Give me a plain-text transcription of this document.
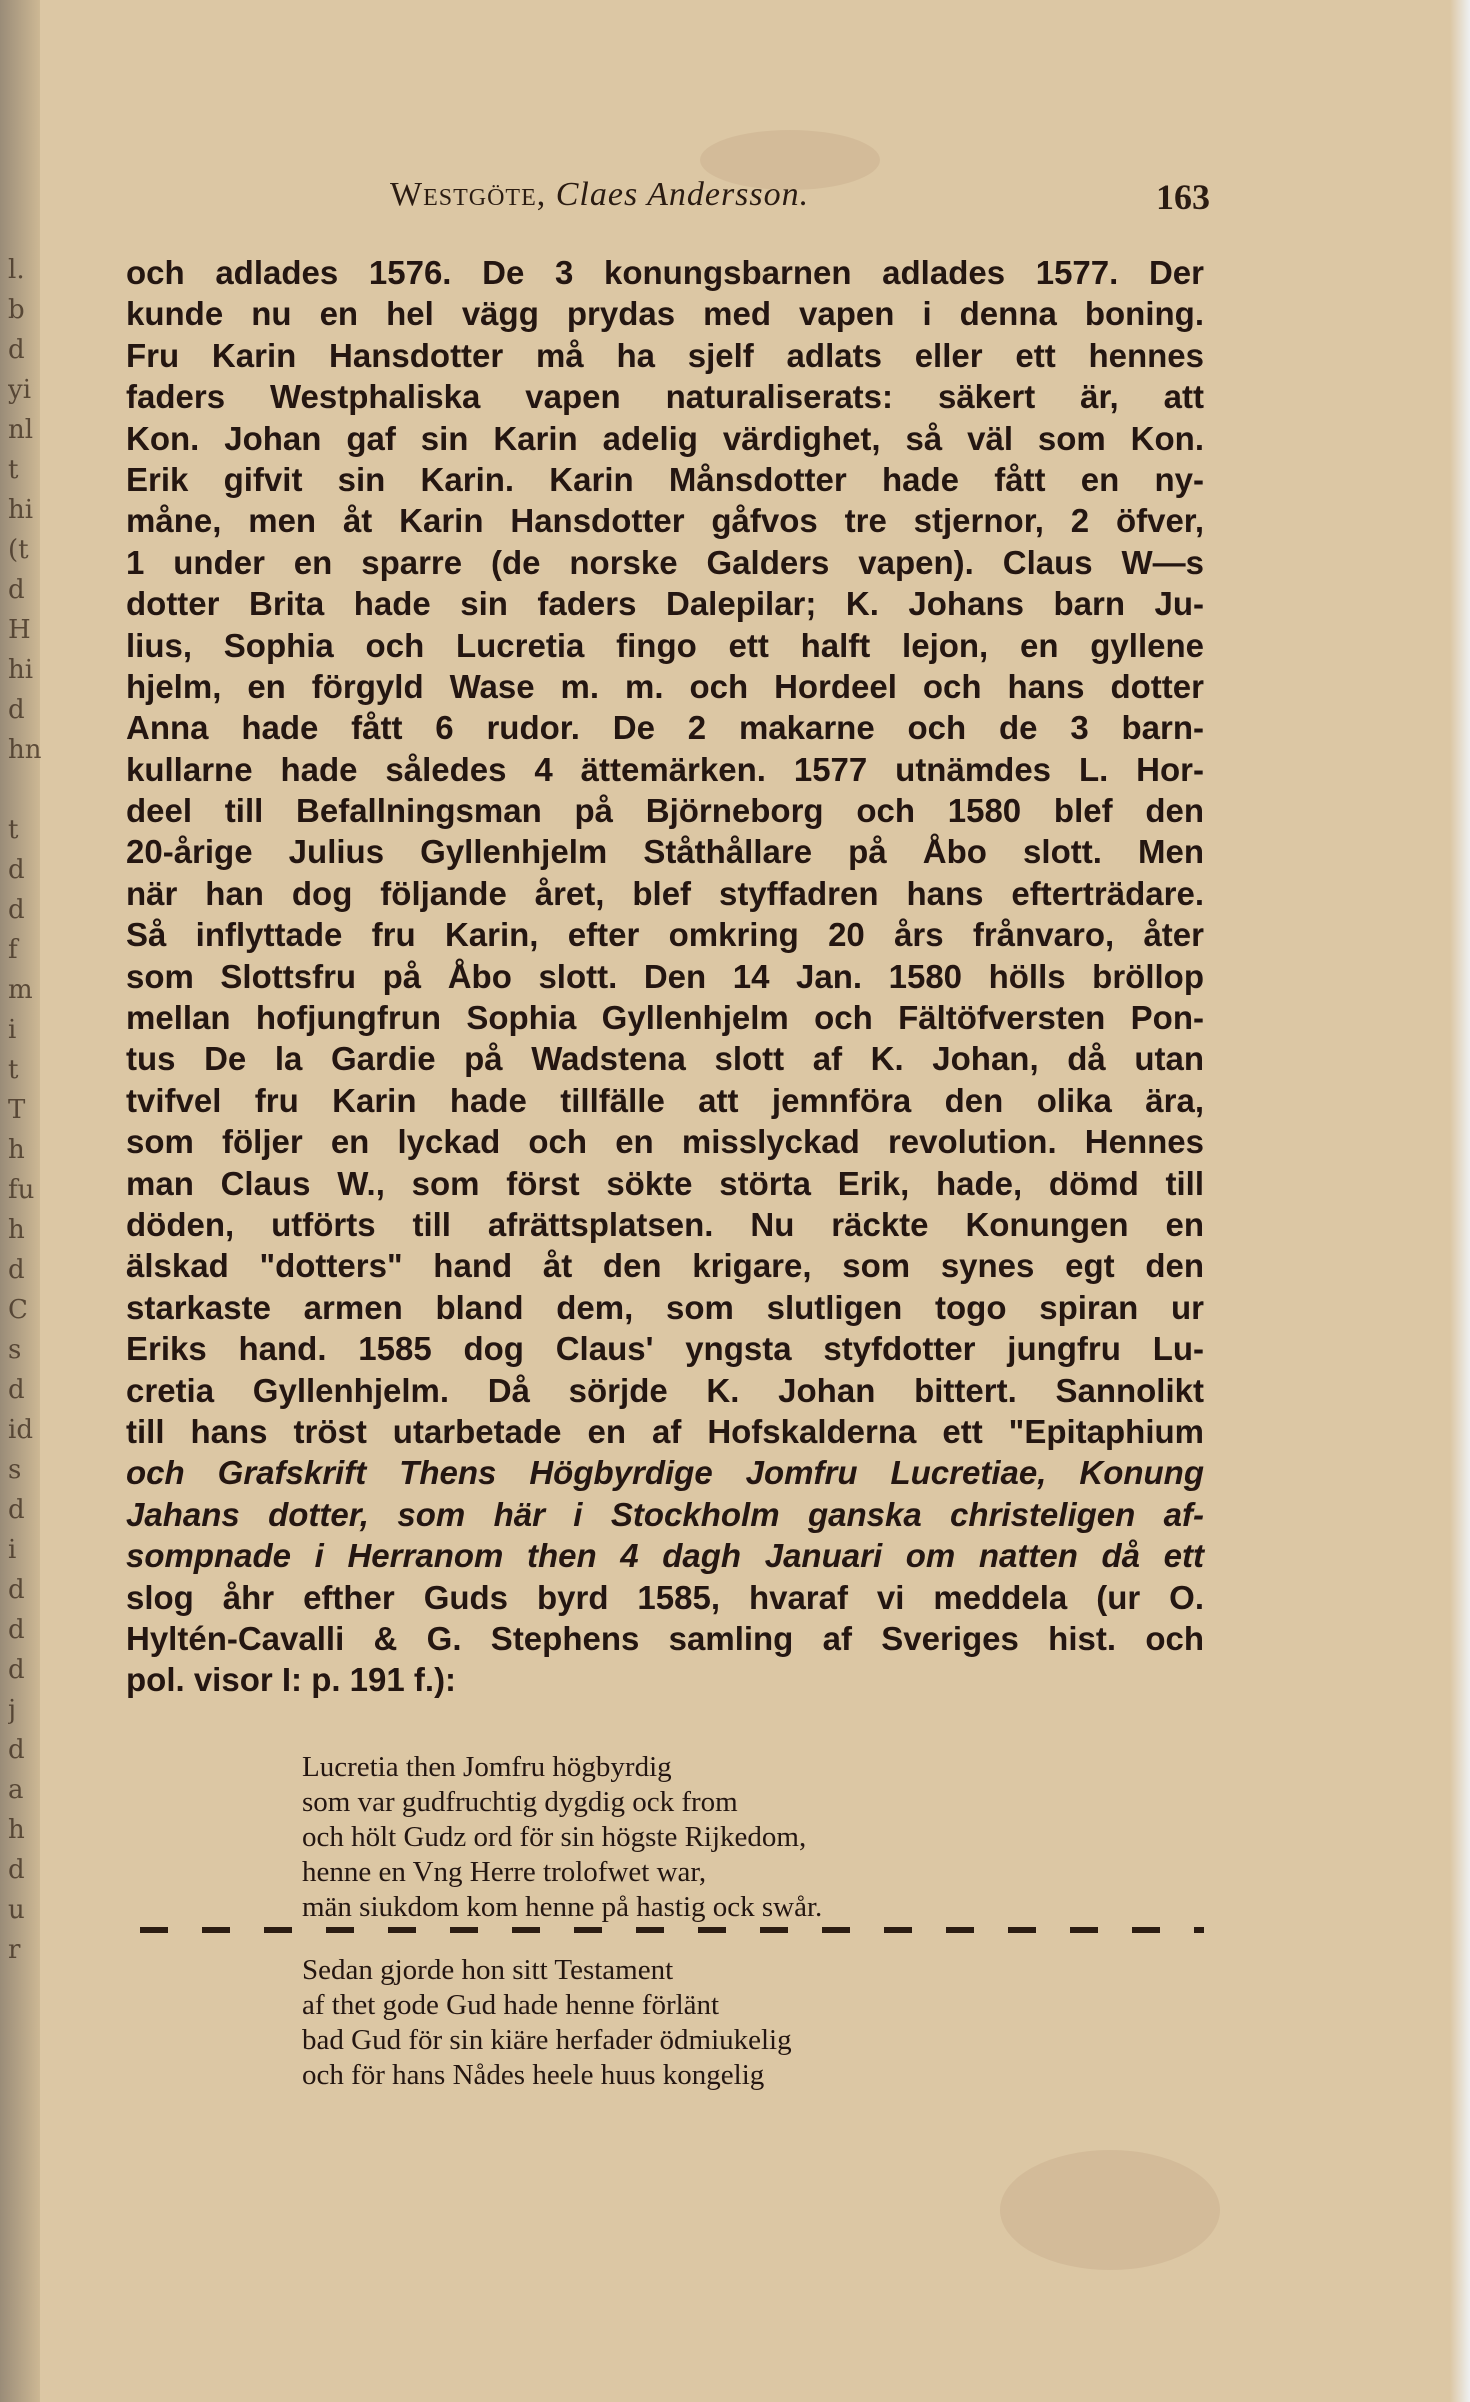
l.
b
d
yi
nl
t
hi
(t
d
H
hi
d
hn

t
d
d
f
m
i
t
T
h
fu
h
d
C
s
d
id
s
d
i
d
d
d
j
d
a
h
d
u
r
Westgöte, Claes Andersson.	163
och adlades 1576. De 3 konungsbarnen adlades 1577. Der
kunde nu en hel vägg prydas med vapen i denna boning.
Fru Karin Hansdotter må ha sjelf adlats eller ett hennes
faders Westphaliska vapen naturaliserats: säkert är, att
Kon. Johan gaf sin Karin adelig värdighet, så väl som Kon.
Erik gifvit sin Karin. Karin Månsdotter hade fått en ny-
måne, men åt Karin Hansdotter gåfvos tre stjernor, 2 öfver,
1 under en sparre (de norske Galders vapen). Claus W—s
dotter Brita hade sin faders Dalepilar; K. Johans barn Ju-
lius, Sophia och Lucretia fingo ett halft lejon, en gyllene
hjelm, en förgyld Wase m. m. och Hordeel och hans dotter
Anna hade fått 6 rudor. De 2 makarne och de 3 barn-
kullarne hade således 4 ättemärken. 1577 utnämdes L. Hor-
deel till Befallningsman på Björneborg och 1580 blef den
20-årige Julius Gyllenhjelm Ståthållare på Åbo slott. Men
när han dog följande året, blef styffadren hans efterträdare.
Så inflyttade fru Karin, efter omkring 20 års frånvaro, åter
som Slottsfru på Åbo slott. Den 14 Jan. 1580 hölls bröllop
mellan hofjungfrun Sophia Gyllenhjelm och Fältöfversten Pon-
tus De la Gardie på Wadstena slott af K. Johan, då utan
tvifvel fru Karin hade tillfälle att jemnföra den olika ära,
som följer en lyckad och en misslyckad revolution. Hennes
man Claus W., som först sökte störta Erik, hade, dömd till
döden, utförts till afrättsplatsen. Nu räckte Konungen en
älskad "dotters" hand åt den krigare, som synes egt den
starkaste armen bland dem, som slutligen togo spiran ur
Eriks hand. 1585 dog Claus' yngsta styfdotter jungfru Lu-
cretia Gyllenhjelm. Då sörjde K. Johan bittert. Sannolikt
till hans tröst utarbetade en af Hofskalderna ett "Epitaphium
och Grafskrift Thens Högbyrdige Jomfru Lucretiae, Konung
Jahans dotter, som här i Stockholm ganska christeligen af-
sompnade i Herranom then 4 dagh Januari om natten då ett
slog åhr efther Guds byrd 1585, hvaraf vi meddela (ur O.
Hyltén-Cavalli & G. Stephens samling af Sveriges hist. och
pol. visor I: p. 191 f.):
Lucretia then Jomfru högbyrdig
som var gudfruchtig dygdig ock from
och hölt Gudz ord för sin högste Rijkedom,
henne en Vng Herre trolofwet war,
män siukdom kom henne på hastig ock swår.
Sedan gjorde hon sitt Testament
af thet gode Gud hade henne förlänt
bad Gud för sin kiäre herfader ödmiukelig
och för hans Nådes heele huus kongelig
